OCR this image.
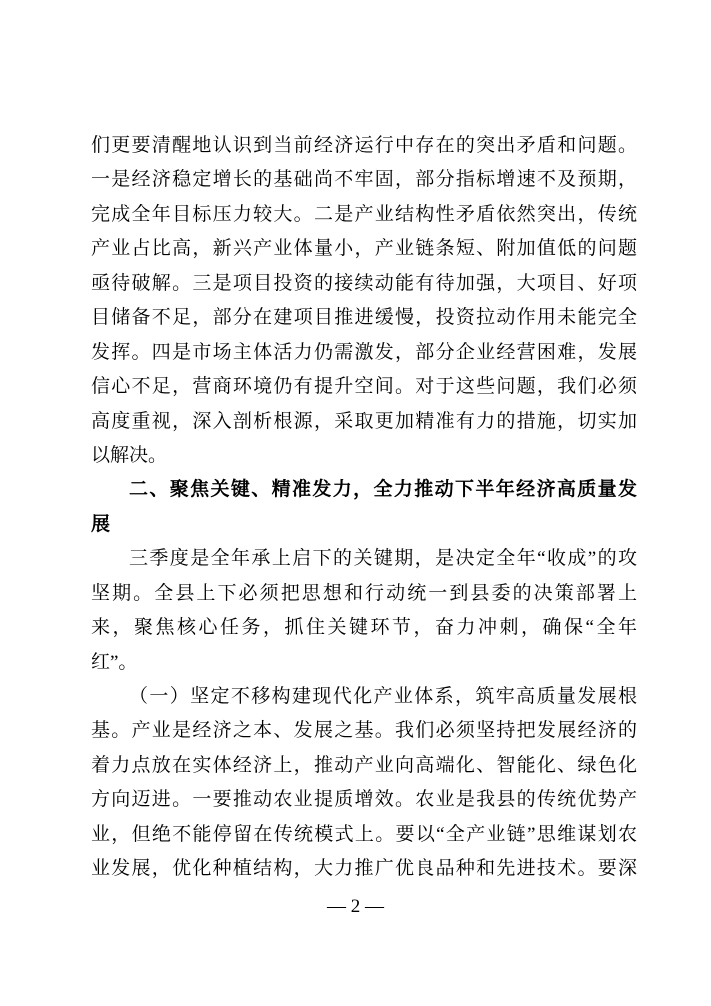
们更要清醒地认识到当前经济运行中存在的突出矛盾和问题。
一是经济稳定增长的基础尚不牢固，部分指标增速不及预期，
完成全年目标压力较大。二是产业结构性矛盾依然突出，传统
产业占比高，新兴产业体量小，产业链条短、附加值低的问题
亟待破解。三是项目投资的接续动能有待加强，大项目、好项
目储备不足，部分在建项目推进缓慢，投资拉动作用未能完全
发挥。四是市场主体活力仍需激发，部分企业经营困难，发展
信心不足，营商环境仍有提升空间。对于这些问题，我们必须
高度重视，深入剖析根源，采取更加精准有力的措施，切实加
以解决。
二、聚焦关键、精准发力，全力推动下半年经济高质量发
展
三季度是全年承上启下的关键期，是决定全年“收成”的攻
坚期。全县上下必须把思想和行动统一到县委的决策部署上
来，聚焦核心任务，抓住关键环节，奋力冲刺，确保“全年
红”。
（一）坚定不移构建现代化产业体系，筑牢高质量发展根
基。产业是经济之本、发展之基。我们必须坚持把发展经济的
着力点放在实体经济上，推动产业向高端化、智能化、绿色化
方向迈进。一要推动农业提质增效。农业是我县的传统优势产
业，但绝不能停留在传统模式上。要以“全产业链”思维谋划农
业发展，优化种植结构，大力推广优良品种和先进技术。要深
— 2 —
